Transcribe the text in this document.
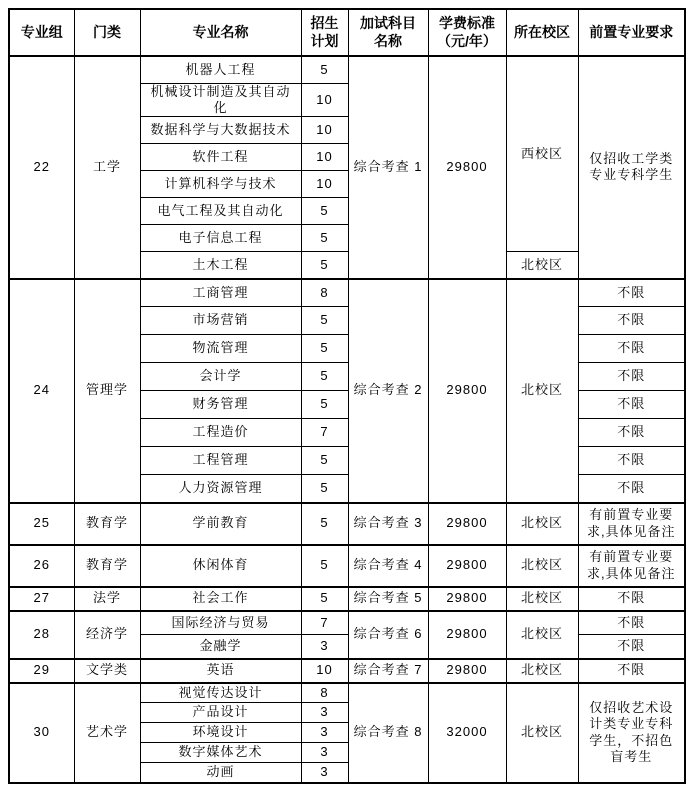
专业组	门类	专业名称	招生计划	加试科目名称	学费标准（元/年）	所在校区	前置专业要求
22	工学	机器人工程	5	综合考查 1	29800	西校区	仅招收工学类专业专科学生
		机械设计制造及其自动化	10				
		数据科学与大数据技术	10				
		软件工程	10				
		计算机科学与技术	10				
		电气工程及其自动化	5				
		电子信息工程	5				
		土木工程	5			北校区	
24	管理学	工商管理	8	综合考查 2	29800	北校区	不限
		市场营销	5				不限
		物流管理	5				不限
		会计学	5				不限
		财务管理	5				不限
		工程造价	7				不限
		工程管理	5				不限
		人力资源管理	5				不限
25	教育学	学前教育	5	综合考查 3	29800	北校区	有前置专业要求,具体见备注
26	教育学	休闲体育	5	综合考查 4	29800	北校区	有前置专业要求,具体见备注
27	法学	社会工作	5	综合考查 5	29800	北校区	不限
28	经济学	国际经济与贸易	7	综合考查 6	29800	北校区	不限
		金融学	3				不限
29	文学类	英语	10	综合考查 7	29800	北校区	不限
30	艺术学	视觉传达设计	8	综合考查 8	32000	北校区	仅招收艺术设计类专业专科学生，不招色盲考生
		产品设计	3				
		环境设计	3				
		数字媒体艺术	3				
		动画	3				
